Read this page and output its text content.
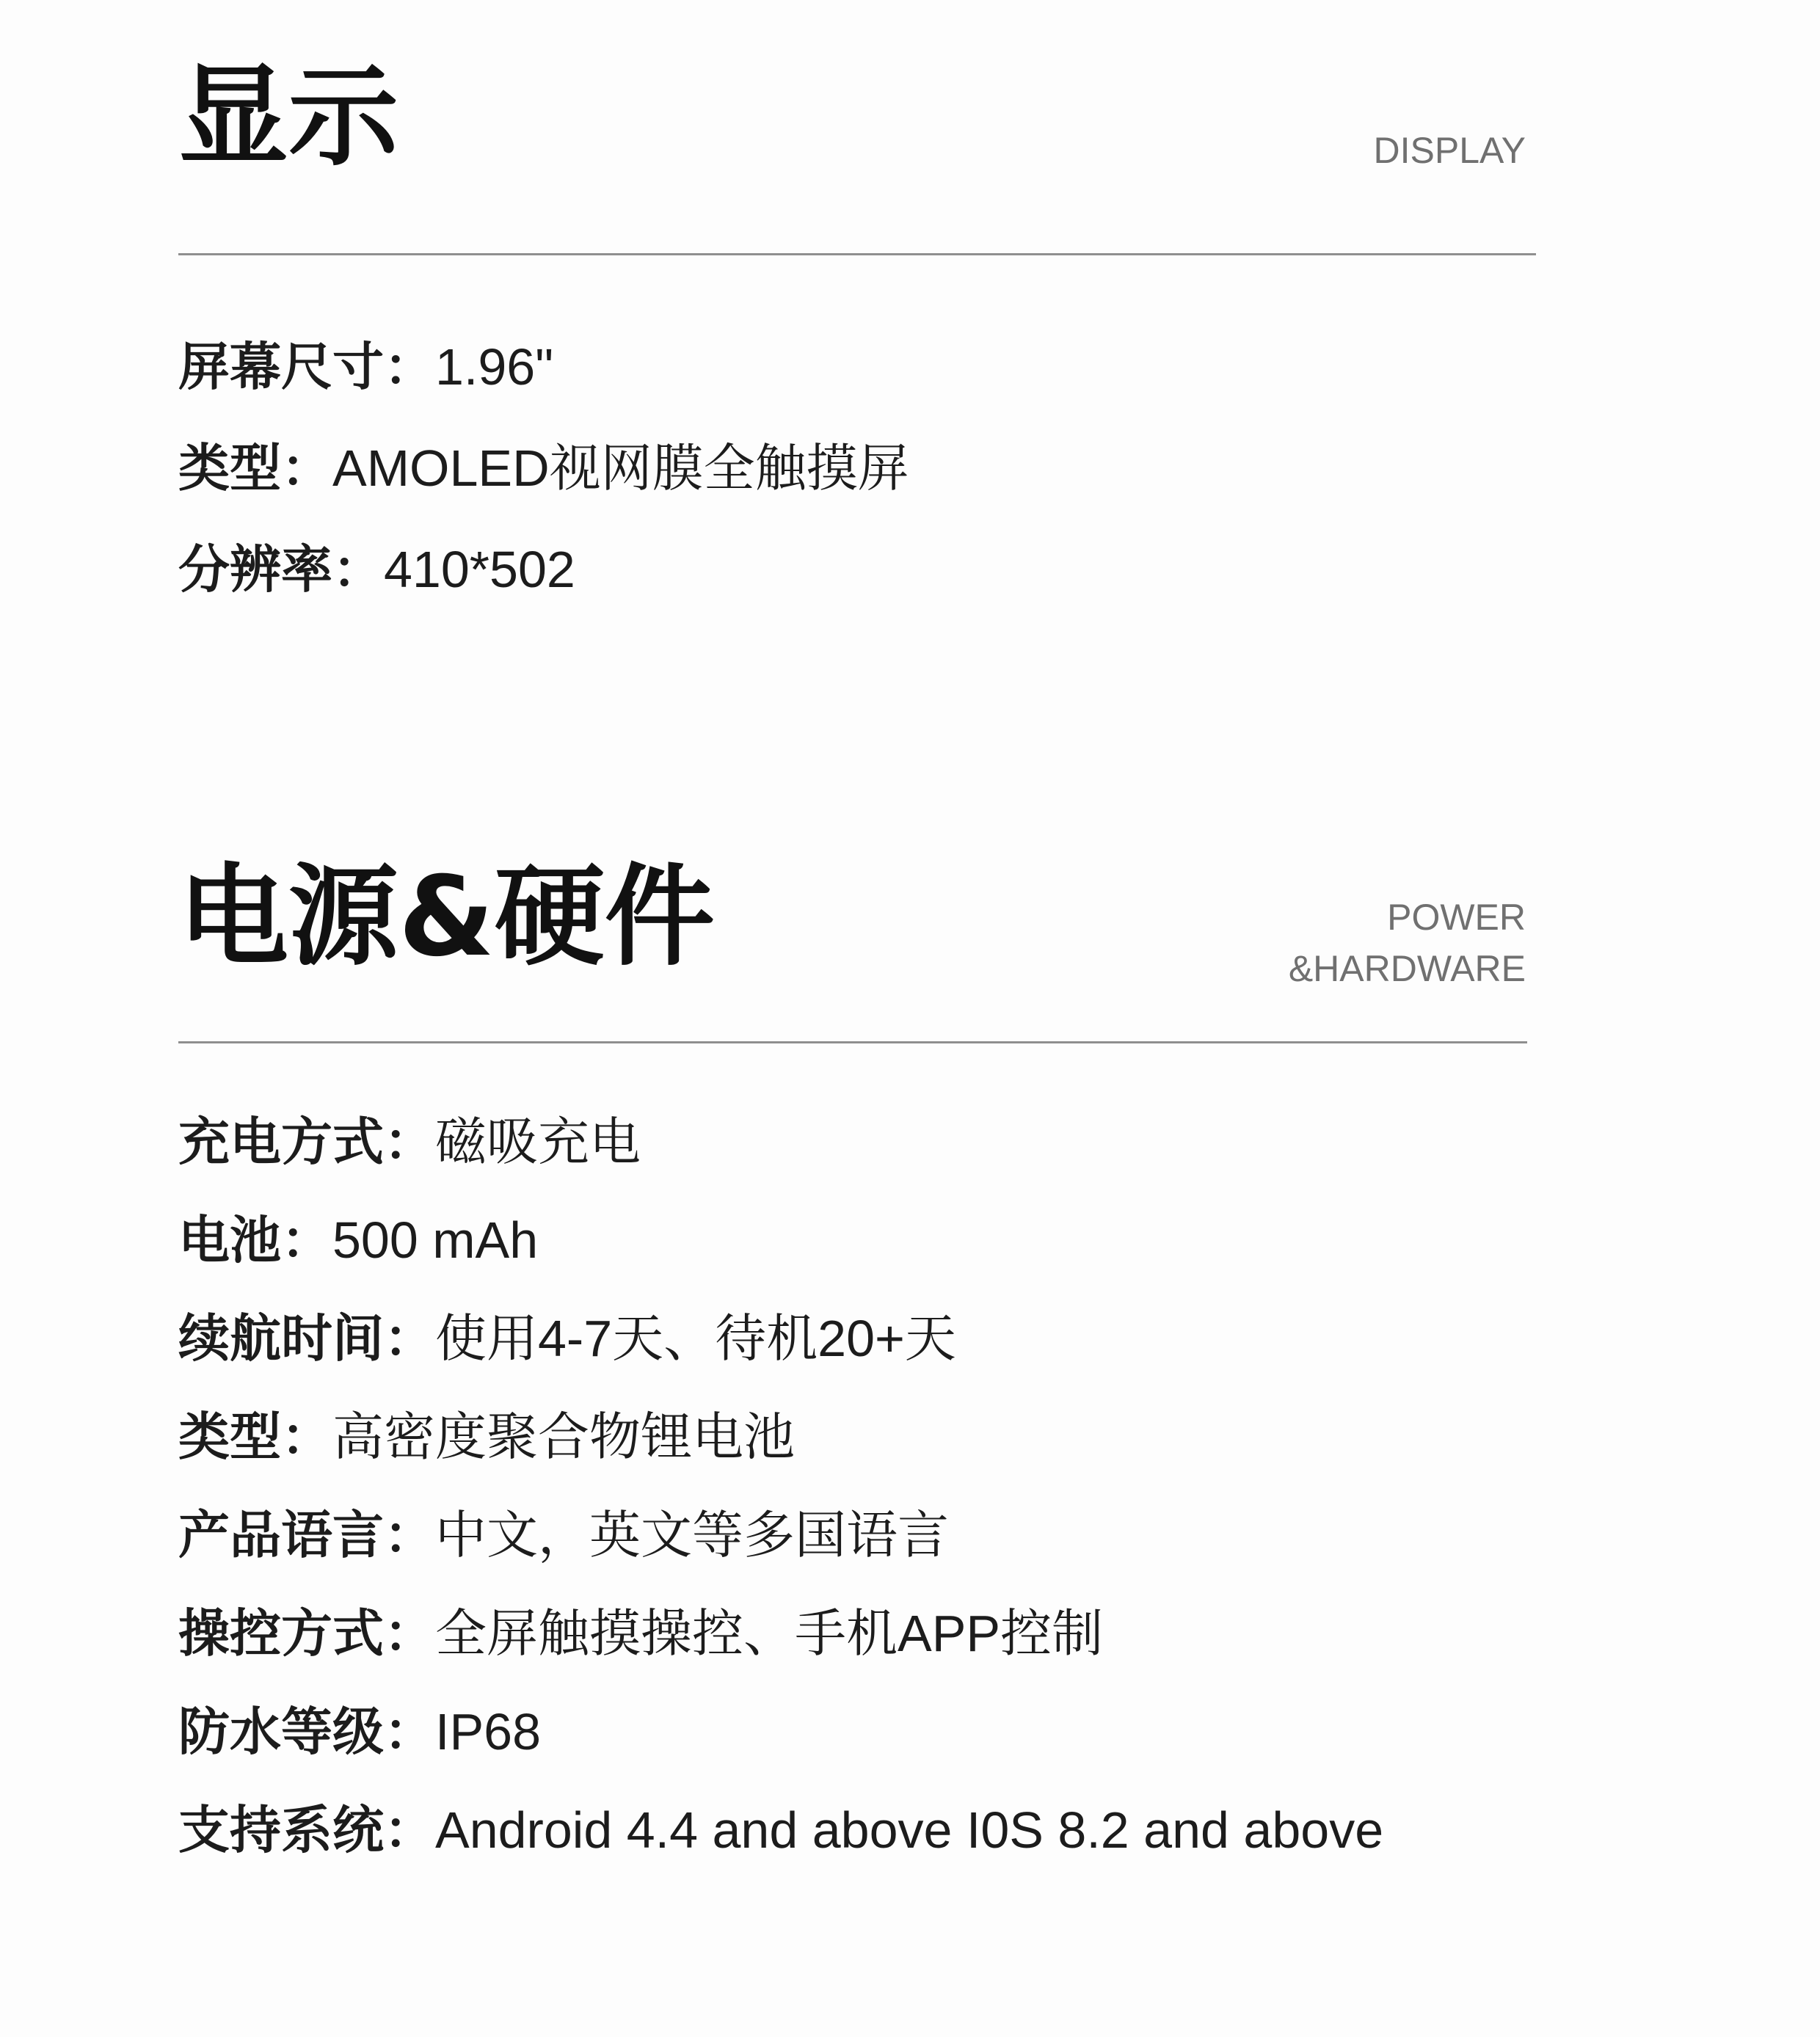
显示	DISPLAY
屏幕尺寸：1.96"
类型：AMOLED视网膜全触摸屏
分辨率：410*502
电源&硬件	POWER
&HARDWARE
充电方式：磁吸充电
电池：500 mAh
续航时间：使用4-7天、待机20+天
类型：高密度聚合物锂电池
产品语言：中文，英文等多国语言
操控方式：全屏触摸操控、手机APP控制
防水等级：IP68
支持系统：Android 4.4 and above I0S 8.2 and above
